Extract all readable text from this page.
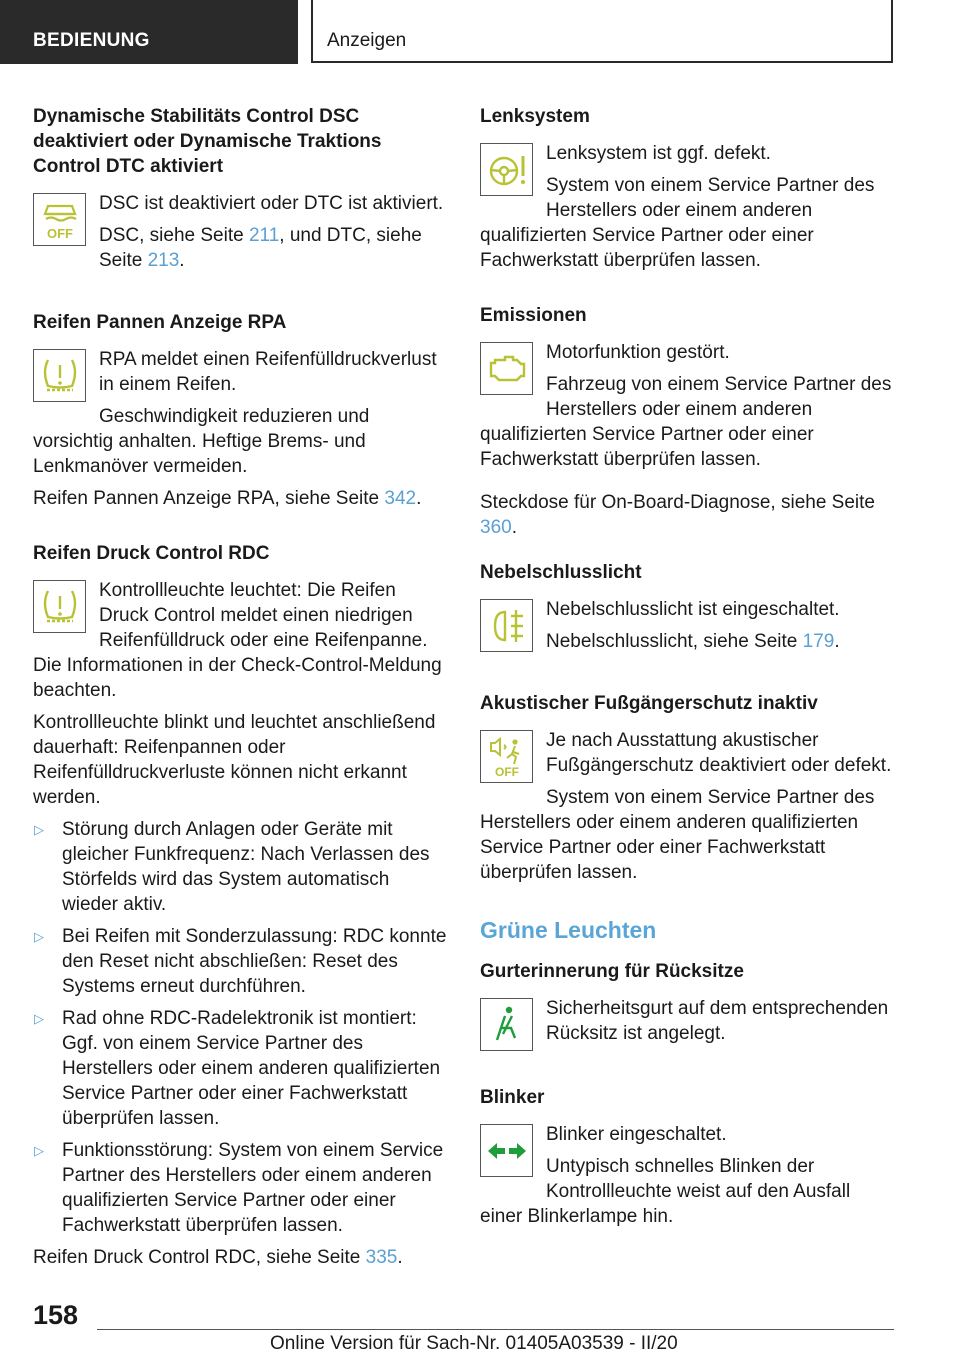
BEDIENUNG	Anzeigen
Dynamische Stabilitäts Control DSC deaktiviert oder Dynamische Traktions Control DTC aktiviert
OFF

DSC ist deaktiviert oder DTC ist aktiviert.

DSC, siehe Seite 211, und DTC, siehe Seite 213.

Reifen Pannen Anzeige RPA

RPA meldet einen Reifenfülldruckverlust in einem Reifen.

Geschwindigkeit reduzieren und vorsichtig anhalten. Heftige Brems- und Lenkmanöver vermeiden.

Reifen Pannen Anzeige RPA, siehe Seite 342.

Reifen Druck Control RDC

Kontrollleuchte leuchtet: Die Reifen Druck Control meldet einen niedrigen Reifenfülldruck oder eine Reifenpanne. Die Informationen in der Check-Control-Meldung beachten.

Kontrollleuchte blinkt und leuchtet anschließend dauerhaft: Reifenpannen oder Reifenfülldruckverluste können nicht erkannt werden.

▷ Störung durch Anlagen oder Geräte mit gleicher Funkfrequenz: Nach Verlassen des Störfelds wird das System automatisch wieder aktiv.
▷ Bei Reifen mit Sonderzulassung: RDC konnte den Reset nicht abschließen: Reset des Systems erneut durchführen.
▷ Rad ohne RDC-Radelektronik ist montiert: Ggf. von einem Service Partner des Herstellers oder einem anderen qualifizierten Service Partner oder einer Fachwerkstatt überprüfen lassen.
▷ Funktionsstörung: System von einem Service Partner des Herstellers oder einem anderen qualifizierten Service Partner oder einer Fachwerkstatt überprüfen lassen.

Reifen Druck Control RDC, siehe Seite 335.

Lenksystem

Lenksystem ist ggf. defekt.

System von einem Service Partner des Herstellers oder einem anderen qualifizierten Service Partner oder einer Fachwerkstatt überprüfen lassen.

Emissionen

Motorfunktion gestört.

Fahrzeug von einem Service Partner des Herstellers oder einem anderen qualifizierten Service Partner oder einer Fachwerkstatt überprüfen lassen.

Steckdose für On-Board-Diagnose, siehe Seite 360.

Nebelschlusslicht

Nebelschlusslicht ist eingeschaltet.

Nebelschlusslicht, siehe Seite 179.

Akustischer Fußgängerschutz inaktiv
OFF

Je nach Ausstattung akustischer Fußgängerschutz deaktiviert oder defekt.

System von einem Service Partner des Herstellers oder einem anderen qualifizierten Service Partner oder einer Fachwerkstatt überprüfen lassen.

Grüne Leuchten
Gurterinnerung für Rücksitze

Sicherheitsgurt auf dem entsprechenden Rücksitz ist angelegt.

Blinker

Blinker eingeschaltet.

Untypisch schnelles Blinken der Kontrollleuchte weist auf den Ausfall einer Blinkerlampe hin.

158
Online Version für Sach-Nr. 01405A03539 - II/20
